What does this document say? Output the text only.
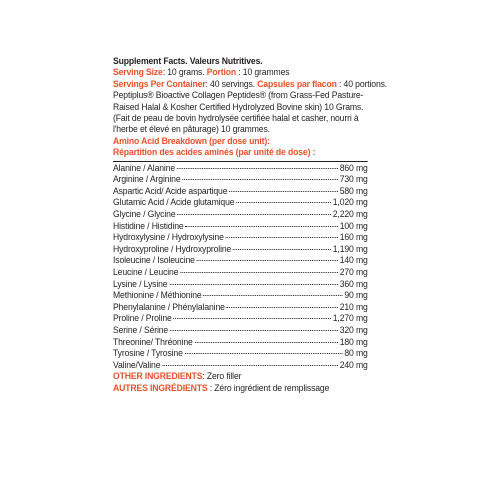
Supplement Facts. Valeurs Nutritives.
Serving Size: 10 grams. Portion : 10 grammes
Servings Per Container: 40 servings. Capsules par flacon : 40 portions.
Peptiplus® Bioactive Collagen Peptides® (from Grass-Fed Pasture-Raised Halal & Kosher Certified Hydrolyzed Bovine skin) 10 Grams. (Fait de peau de bovin hydrolysée certifiée halal et casher, nourri à l'herbe et élevé en pâturage) 10 grammes.
Amino Acid Breakdown (per dose unit):
Répartition des acides aminés (par unité de dose) :
Alanine / Alanine	860 mg
Arginine / Arginine	730 mg
Aspartic Acid/ Acide aspartique	580 mg
Glutamic Acid / Acide glutamique	1,020 mg
Glycine / Glycine	2,220 mg
Histidine / Histidine	100 mg
Hydroxylysine / Hydroxylysine	160 mg
Hydroxyproline / Hydroxyproline	1,190 mg
Isoleucine / Isoleucine	140 mg
Leucine / Leucine	270 mg
Lysine / Lysine	360 mg
Methionine / Méthionine	90 mg
Phenylalanine / Phénylalanine	210 mg
Proline / Proline	1,270 mg
Serine / Sérine	320 mg
Threonine/ Thréonine	180 mg
Tyrosine / Tyrosine	80 mg
Valine/Valine	240 mg
OTHER INGREDIENTS: Zero filler
AUTRES INGRÉDIENTS : Zéro ingrédient de remplissage
